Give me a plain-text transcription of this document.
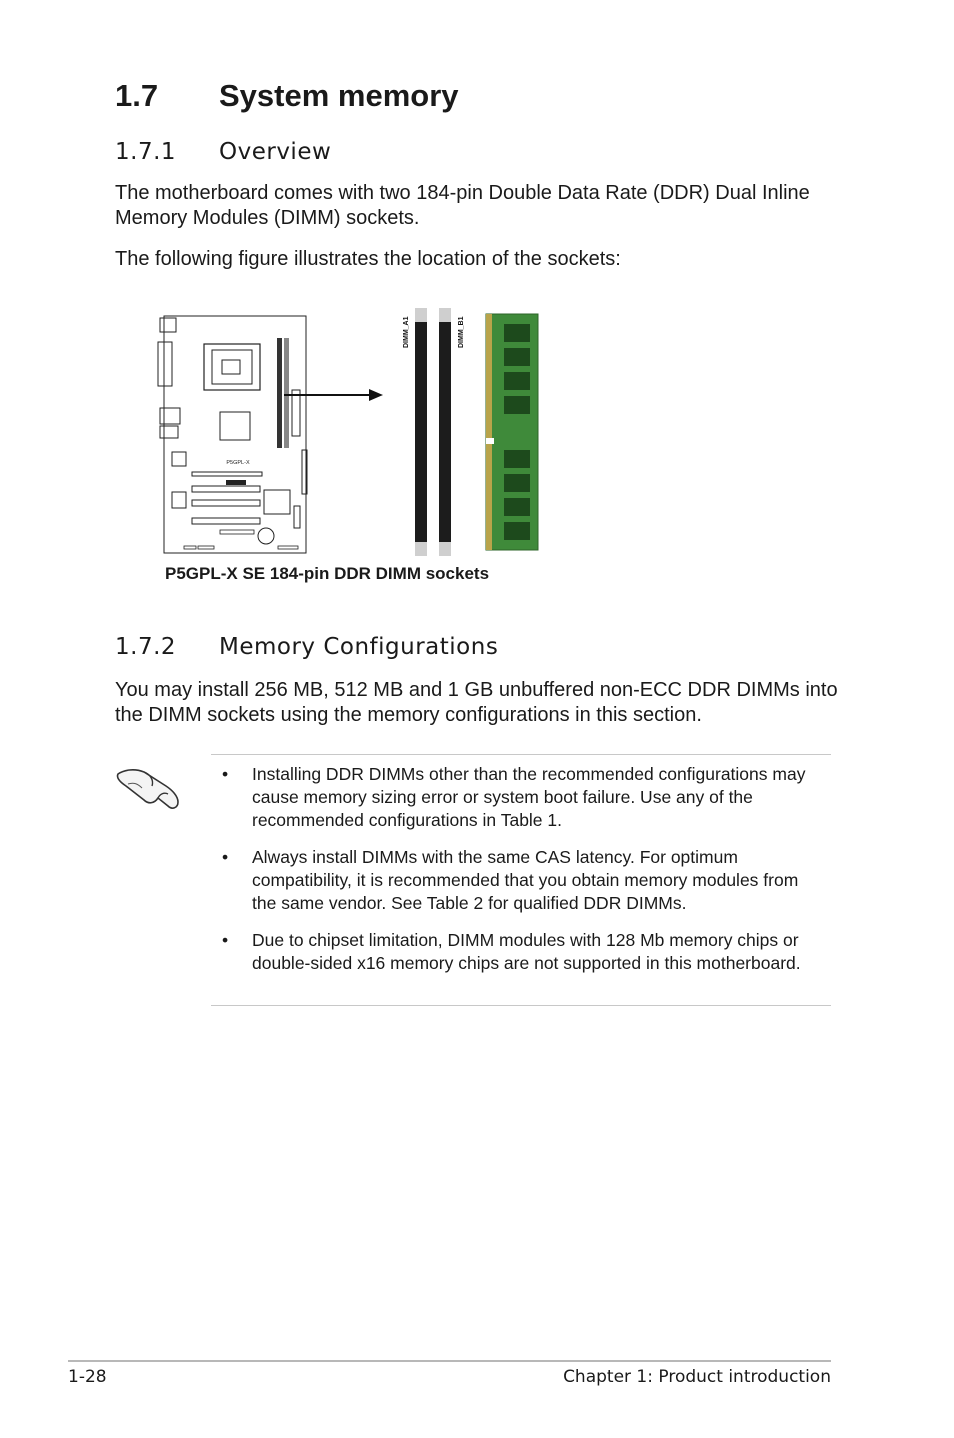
1.7 System memory
1.7.1 Overview
The motherboard comes with two 184-pin Double Data Rate (DDR) Dual Inline Memory Modules (DIMM) sockets.
The following figure illustrates the location of the sockets:
P5GPL-X
DIMM_A1	DIMM_B1
P5GPL-X SE 184-pin DDR DIMM sockets
1.7.2 Memory Configurations
You may install 256 MB, 512 MB and 1 GB unbuffered non-ECC DDR DIMMs into the DIMM sockets using the memory configurations in this section.
• Installing DDR DIMMs other than the recommended configurations may cause memory sizing error or system boot failure. Use any of the recommended configurations in Table 1.
• Always install DIMMs with the same CAS latency. For optimum compatibility, it is recommended that you obtain memory modules from the same vendor. See Table 2 for qualified DDR DIMMs.
• Due to chipset limitation, DIMM modules with 128 Mb memory chips or double-sided x16 memory chips are not supported in this motherboard.
1-28	Chapter 1: Product introduction
